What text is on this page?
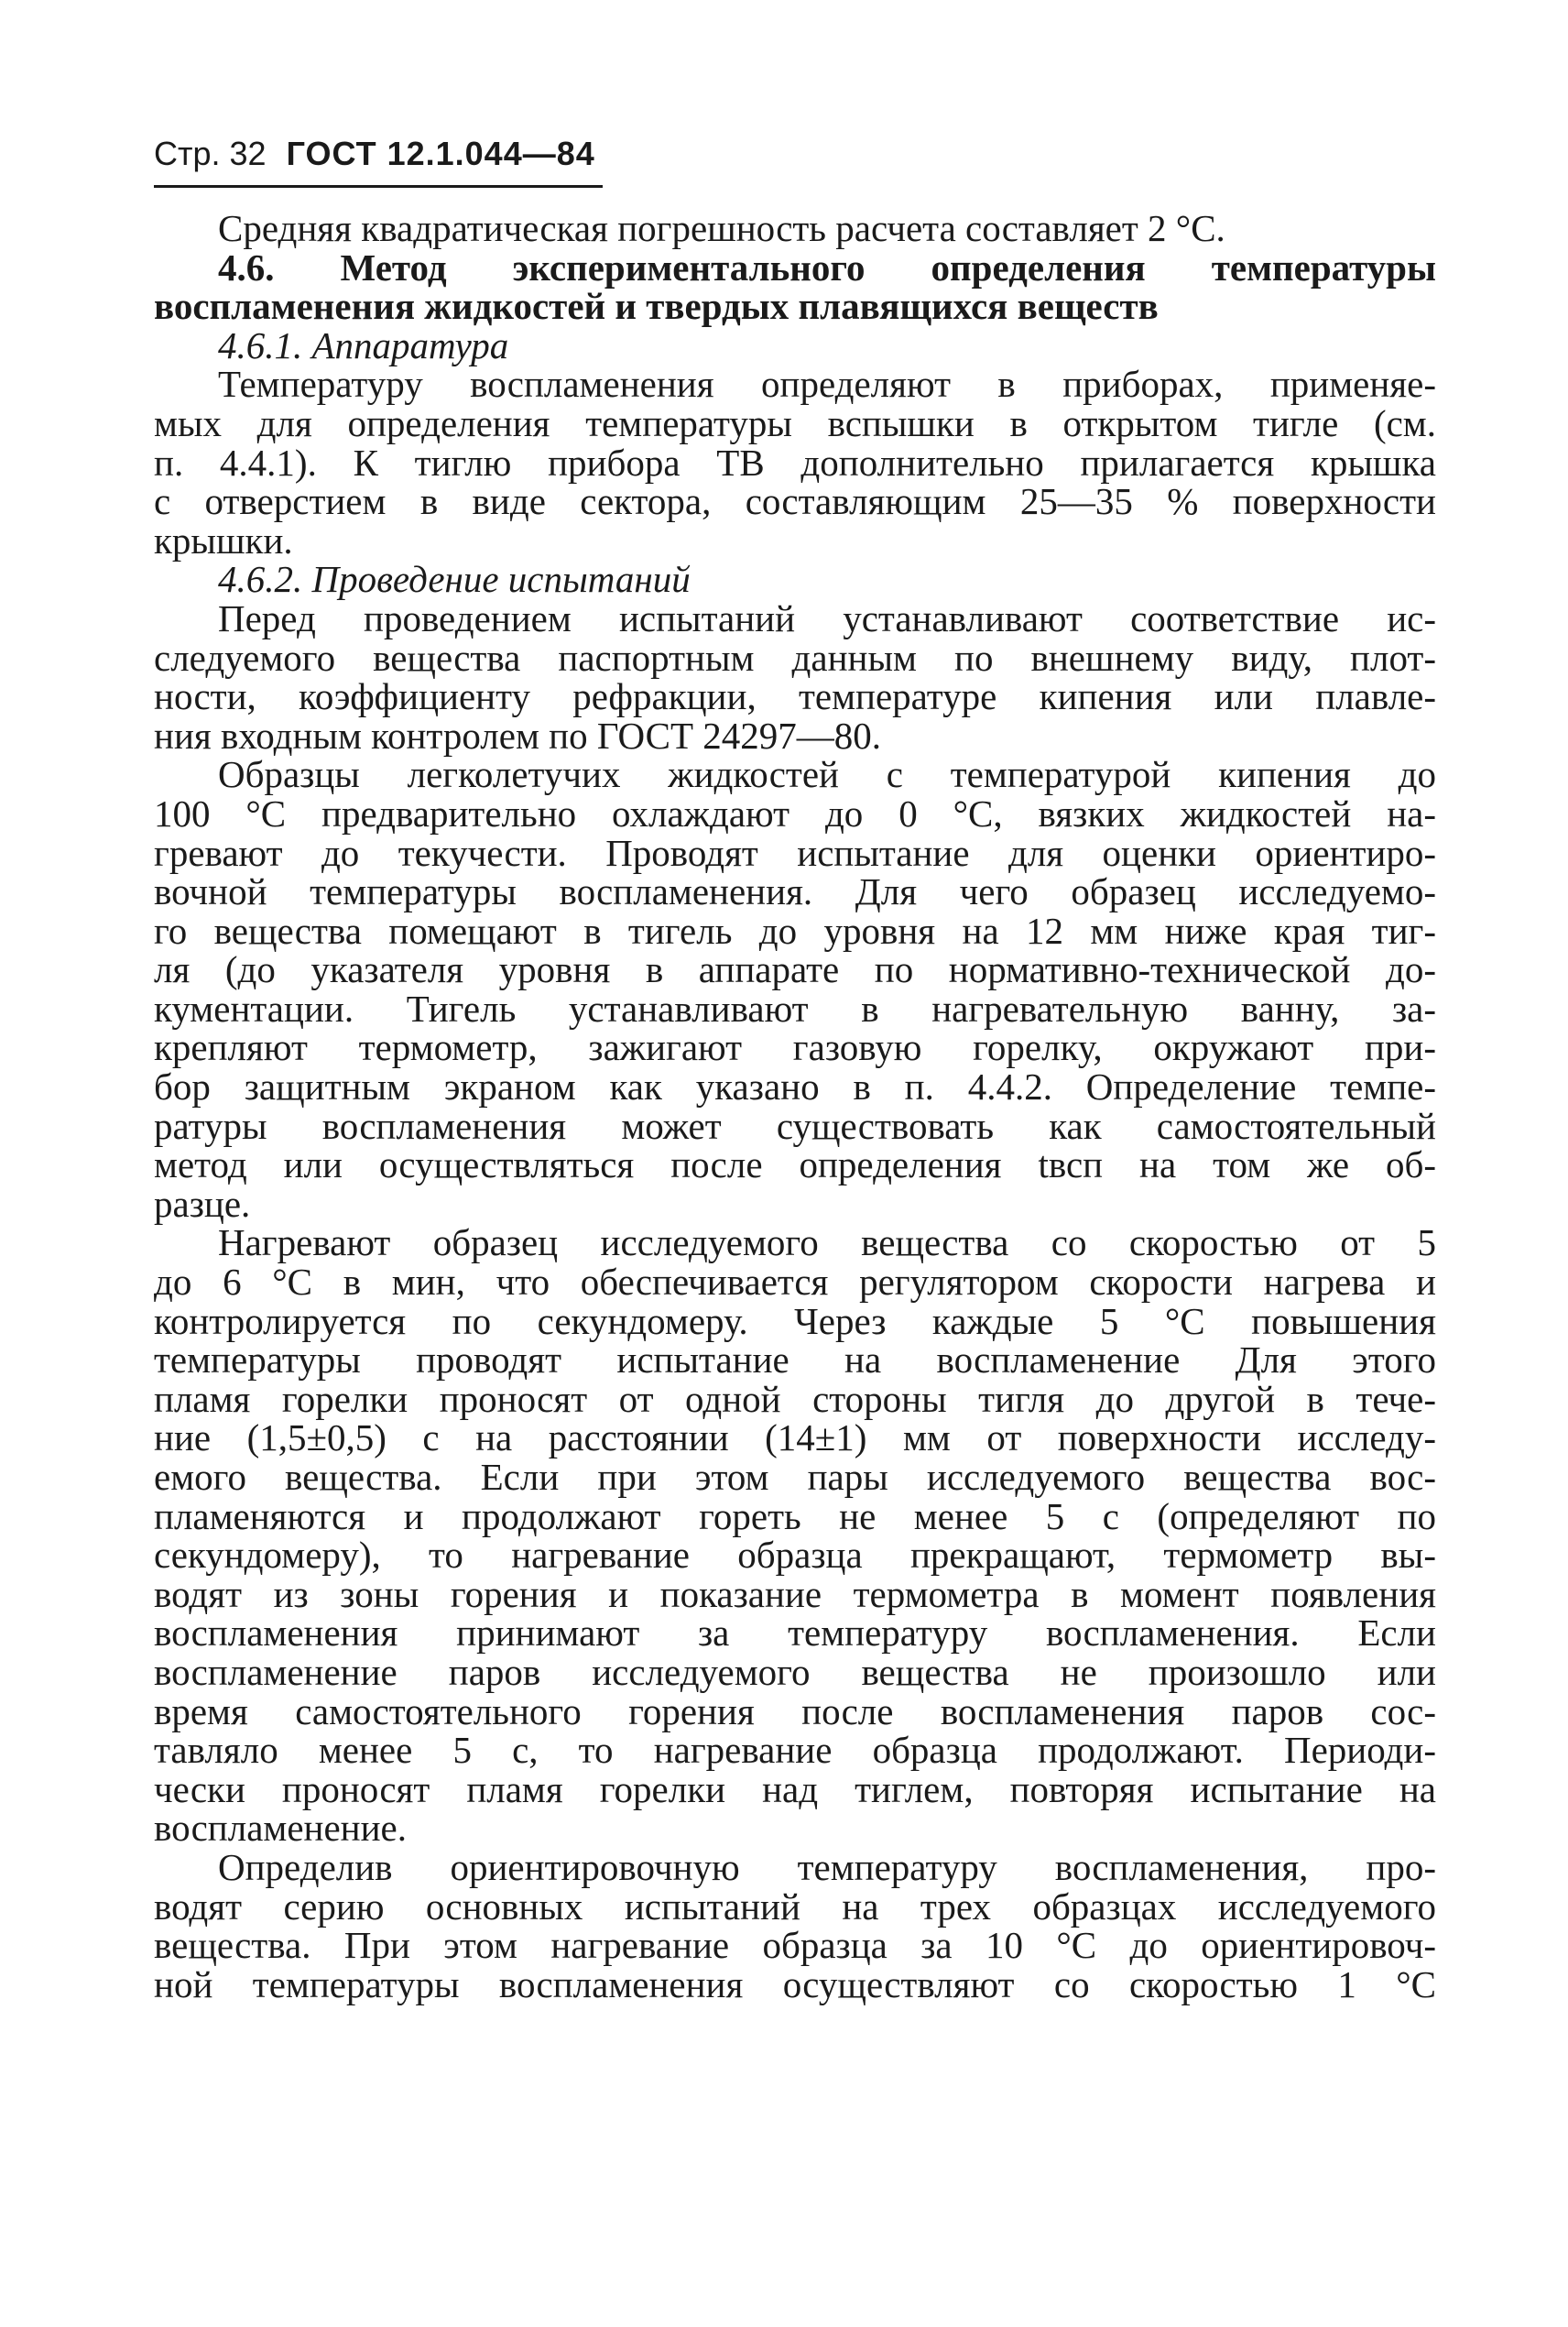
Стр. 32 ГОСТ 12.1.044—84
Средняя квадратическая погрешность расчета составляет 2 °С.
4.6. Метод экспериментального определения температуры
воспламенения жидкостей и твердых плавящихся веществ
4.6.1. Аппаратура
Температуру воспламенения определяют в приборах, применяе-
мых для определения температуры вспышки в открытом тигле (см.
п. 4.4.1). К тиглю прибора ТВ дополнительно прилагается крышка
с отверстием в виде сектора, составляющим 25—35 % поверхности
крышки.
4.6.2. Проведение испытаний
Перед проведением испытаний устанавливают соответствие ис-
следуемого вещества паспортным данным по внешнему виду, плот-
ности, коэффициенту рефракции, температуре кипения или плавле-
ния входным контролем по ГОСТ 24297—80.
Образцы легколетучих жидкостей с температурой кипения до
100 °С предварительно охлаждают до 0 °С, вязких жидкостей на-
гревают до текучести. Проводят испытание для оценки ориентиро-
вочной температуры воспламенения. Для чего образец исследуемо-
го вещества помещают в тигель до уровня на 12 мм ниже края тиг-
ля (до указателя уровня в аппарате по нормативно-технической до-
кументации. Тигель устанавливают в нагревательную ванну, за-
крепляют термометр, зажигают газовую горелку, окружают при-
бор защитным экраном как указано в п. 4.4.2. Определение темпе-
ратуры воспламенения может существовать как самостоятельный
метод или осуществляться после определения tвсп на том же об-
разце.
Нагревают образец исследуемого вещества со скоростью от 5
до 6 °С в мин, что обеспечивается регулятором скорости нагрева и
контролируется по секундомеру. Через каждые 5 °С повышения
температуры проводят испытание на воспламенение Для этого
пламя горелки проносят от одной стороны тигля до другой в тече-
ние (1,5±0,5) с на расстоянии (14±1) мм от поверхности исследу-
емого вещества. Если при этом пары исследуемого вещества вос-
пламеняются и продолжают гореть не менее 5 с (определяют по
секундомеру), то нагревание образца прекращают, термометр вы-
водят из зоны горения и показание термометра в момент появления
воспламенения принимают за температуру воспламенения. Если
воспламенение паров исследуемого вещества не произошло или
время самостоятельного горения после воспламенения паров сос-
тавляло менее 5 с, то нагревание образца продолжают. Периоди-
чески проносят пламя горелки над тиглем, повторяя испытание на
воспламенение.
Определив ориентировочную температуру воспламенения, про-
водят серию основных испытаний на трех образцах исследуемого
вещества. При этом нагревание образца за 10 °С до ориентировоч-
ной температуры воспламенения осуществляют со скоростью 1 °С
